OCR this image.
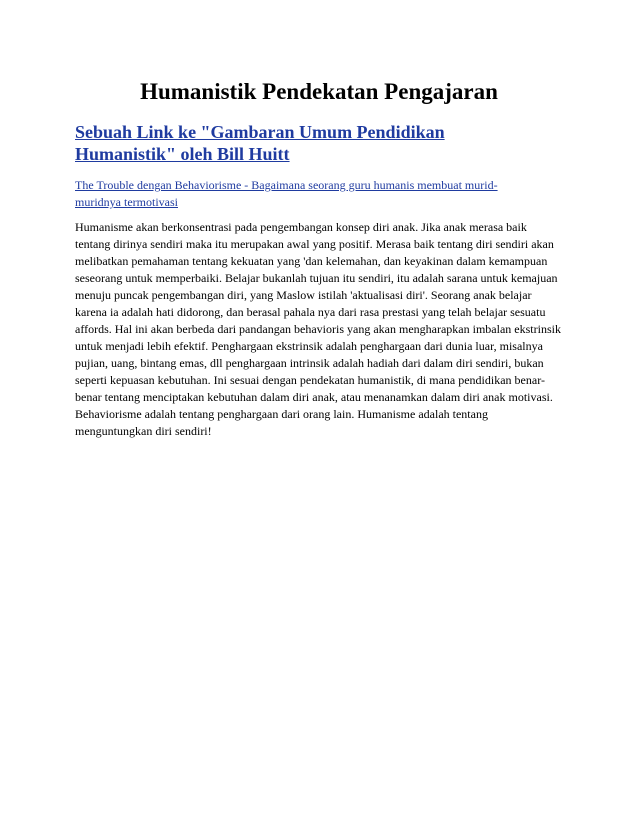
Humanistik Pendekatan Pengajaran
Sebuah Link ke "Gambaran Umum Pendidikan Humanistik" oleh Bill Huitt
The Trouble dengan Behaviorisme - Bagaimana seorang guru humanis membuat murid-muridnya termotivasi

Humanisme akan berkonsentrasi pada pengembangan konsep diri anak. Jika anak merasa baik tentang dirinya sendiri maka itu merupakan awal yang positif. Merasa baik tentang diri sendiri akan melibatkan pemahaman tentang kekuatan yang 'dan kelemahan, dan keyakinan dalam kemampuan seseorang untuk memperbaiki. Belajar bukanlah tujuan itu sendiri, itu adalah sarana untuk kemajuan menuju puncak pengembangan diri, yang Maslow istilah 'aktualisasi diri'. Seorang anak belajar karena ia adalah hati didorong, dan berasal pahala nya dari rasa prestasi yang telah belajar sesuatu affords. Hal ini akan berbeda dari pandangan behavioris yang akan mengharapkan imbalan ekstrinsik untuk menjadi lebih efektif. Penghargaan ekstrinsik adalah penghargaan dari dunia luar, misalnya pujian, uang, bintang emas, dll penghargaan intrinsik adalah hadiah dari dalam diri sendiri, bukan seperti kepuasan kebutuhan. Ini sesuai dengan pendekatan humanistik, di mana pendidikan benar-benar tentang menciptakan kebutuhan dalam diri anak, atau menanamkan dalam diri anak motivasi. Behaviorisme adalah tentang penghargaan dari orang lain. Humanisme adalah tentang menguntungkan diri sendiri!
